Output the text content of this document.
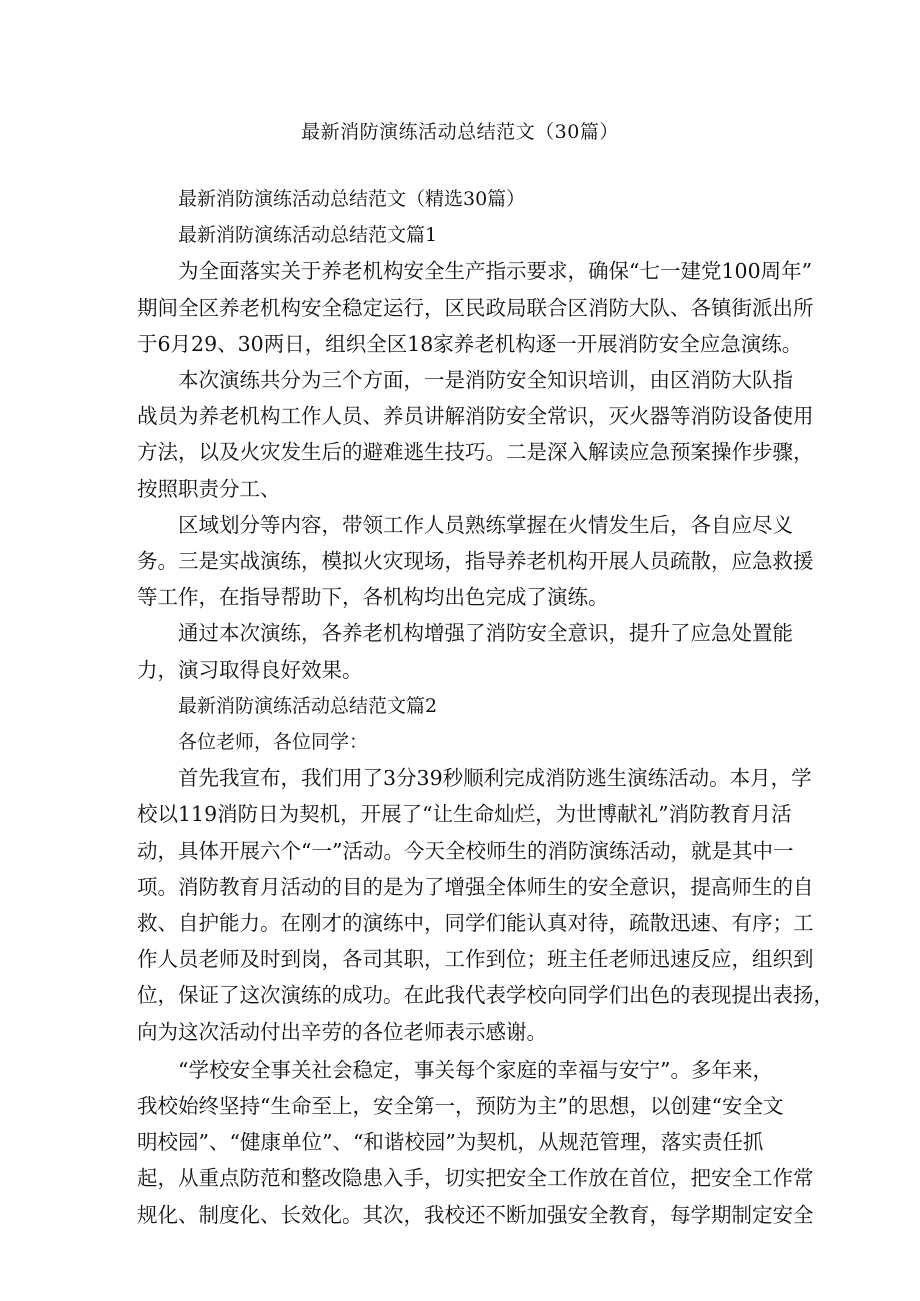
最新消防演练活动总结范文（30篇）

最新消防演练活动总结范文（精选30篇）

最新消防演练活动总结范文篇1

为全面落实关于养老机构安全生产指示要求，确保“七一建党100周年”
期间全区养老机构安全稳定运行，区民政局联合区消防大队、各镇街派出所
于6月29、30两日，组织全区18家养老机构逐一开展消防安全应急演练。

本次演练共分为三个方面，一是消防安全知识培训，由区消防大队指
战员为养老机构工作人员、养员讲解消防安全常识，灭火器等消防设备使用
方法，以及火灾发生后的避难逃生技巧。二是深入解读应急预案操作步骤，
按照职责分工、

区域划分等内容，带领工作人员熟练掌握在火情发生后，各自应尽义
务。三是实战演练，模拟火灾现场，指导养老机构开展人员疏散，应急救援
等工作，在指导帮助下，各机构均出色完成了演练。

通过本次演练，各养老机构增强了消防安全意识，提升了应急处置能
力，演习取得良好效果。

最新消防演练活动总结范文篇2

各位老师，各位同学：

首先我宣布，我们用了3分39秒顺利完成消防逃生演练活动。本月，学
校以119消防日为契机，开展了“让生命灿烂，为世博献礼”消防教育月活
动，具体开展六个“一”活动。今天全校师生的消防演练活动，就是其中一
项。消防教育月活动的目的是为了增强全体师生的安全意识，提高师生的自
救、自护能力。在刚才的演练中，同学们能认真对待，疏散迅速、有序；工
作人员老师及时到岗，各司其职，工作到位；班主任老师迅速反应，组织到
位，保证了这次演练的成功。在此我代表学校向同学们出色的表现提出表扬，
向为这次活动付出辛劳的各位老师表示感谢。

“学校安全事关社会稳定，事关每个家庭的幸福与安宁”。多年来，
我校始终坚持“生命至上，安全第一，预防为主”的思想，以创建“安全文
明校园”、“健康单位”、“和谐校园”为契机，从规范管理，落实责任抓
起，从重点防范和整改隐患入手，切实把安全工作放在首位，把安全工作常
规化、制度化、长效化。其次，我校还不断加强安全教育，每学期制定安全
